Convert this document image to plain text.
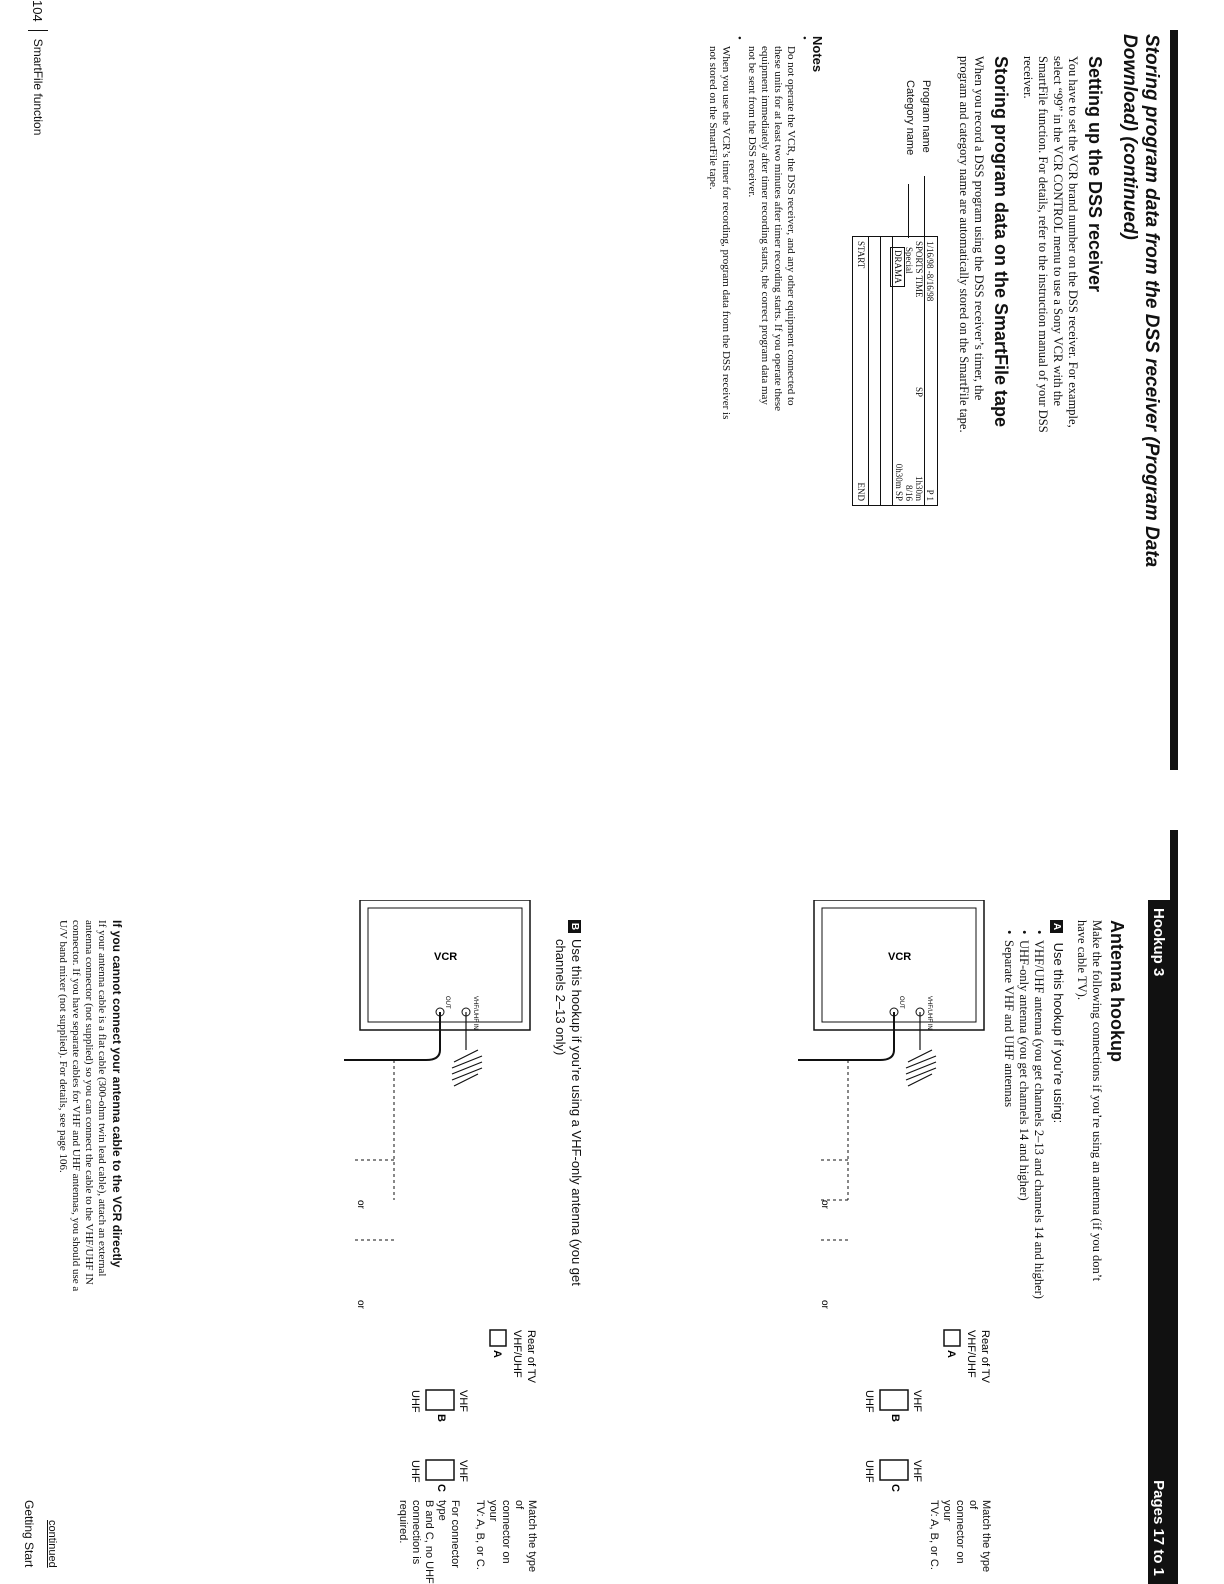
Storing program data from the DSS receiver (Program Data
Download) (continued)
Setting up the DSS receiver
You have to set the VCR brand number on the DSS receiver. For example,
select “99” in the VCR CONTROL menu to use a Sony VCR with the
SmartFile function. For details, refer to the instruction manual of your DSS
receiver.
Storing program data on the SmartFile tape
When you record a DSS program using the DSS receiver’s timer, the
program and category name are automatically stored on the SmartFile tape.
Program name
Category name
1/16/98 -8/16/98
P 1
SPORTS TIME
SP
1h30m
Special
8/16
DRAMA
0h30m SP
START
END
Notes
• Do not operate the VCR, the DSS receiver, and any other equipment connected to
these units for at least two minutes after timer recording starts. If you operate these
equipment immediately after timer recording starts, the correct program data may
not be sent from the DSS receiver.
• When you use the VCR’s timer for recording, program data from the DSS receiver is
not stored on the SmartFile tape.
104
SmartFile function
Hookup 3
Pages 17 to 1
Antenna hookup
Make the following connections if you’re using an antenna (if you don’t
have cable TV).
A Use this hookup if you’re using:
• VHF/UHF antenna (you get channels 2–13 and channels 14 and higher)
• UHF-only antenna (you get channels 14 and higher)
• Separate VHF and UHF antennas
VCR
VHF/UHF IN
OUT
or
or
Rear of TV
VHF/UHF
A
VHF
B
UHF
VHF
C
UHF
Match the type of
connector on your
TV: A, B, or C.
BUse this hookup if you’re using a VHF-only antenna (you get
channels 2–13 only)
VCR
VHF/UHF IN
OUT
or
or
Rear of TV
VHF/UHF
A
VHF
B
UHF
VHF
C
UHF
Match the type of
connector on your
TV: A, B, or C.
For connector type
B and C, no UHF
connection is
required.
If you cannot connect your antenna cable to the VCR directly
If your antenna cable is a flat cable (300-ohm twin lead cable), attach an external
antenna connector (not supplied) so you can connect the cable to the VHF/UHF IN
connector. If you have separate cables for VHF and UHF antennas, you should use a
U/V band mixer (not supplied). For details, see page 106.
continued
Getting Start
